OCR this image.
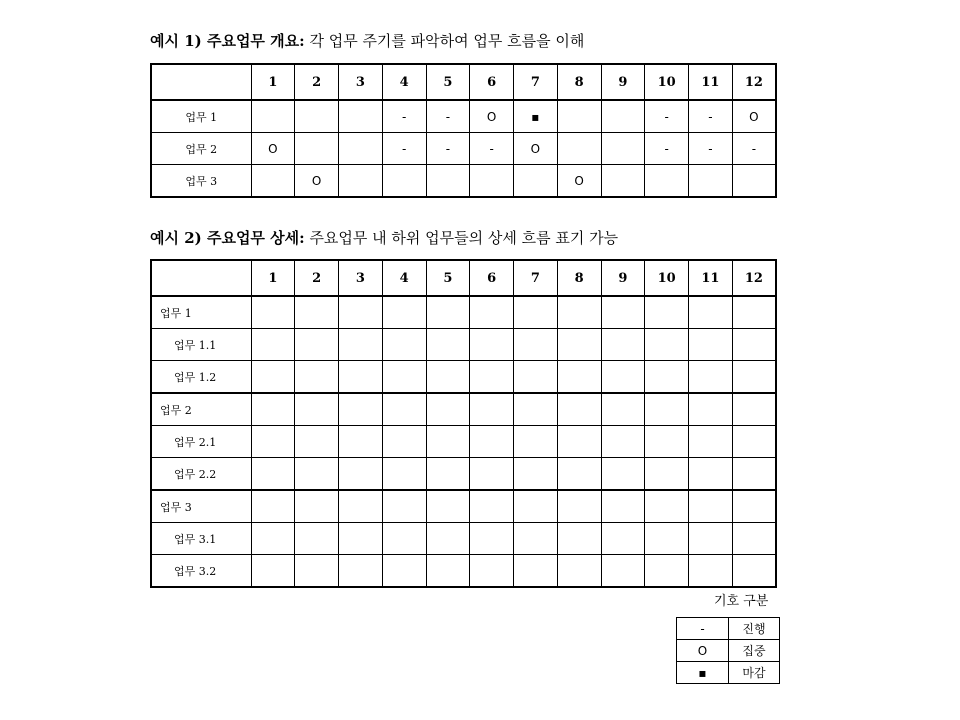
예시 1) 주요업무 개요: 각 업무 주기를 파악하여 업무 흐름을 이해
	1	2	3	4	5	6	7	8	9	10	11	12
업무 1				-	-	O	▪			-	-	O
업무 2	O			-	-	-	O			-	-	-
업무 3		O						O				
예시 2) 주요업무 상세: 주요업무 내 하위 업무들의 상세 흐름 표기 가능
	1	2	3	4	5	6	7	8	9	10	11	12
업무 1												
업무 1.1												
업무 1.2												
업무 2												
업무 2.1												
업무 2.2												
업무 3												
업무 3.1												
업무 3.2												
기호 구분
-	진행
O	집중
▪	마감
